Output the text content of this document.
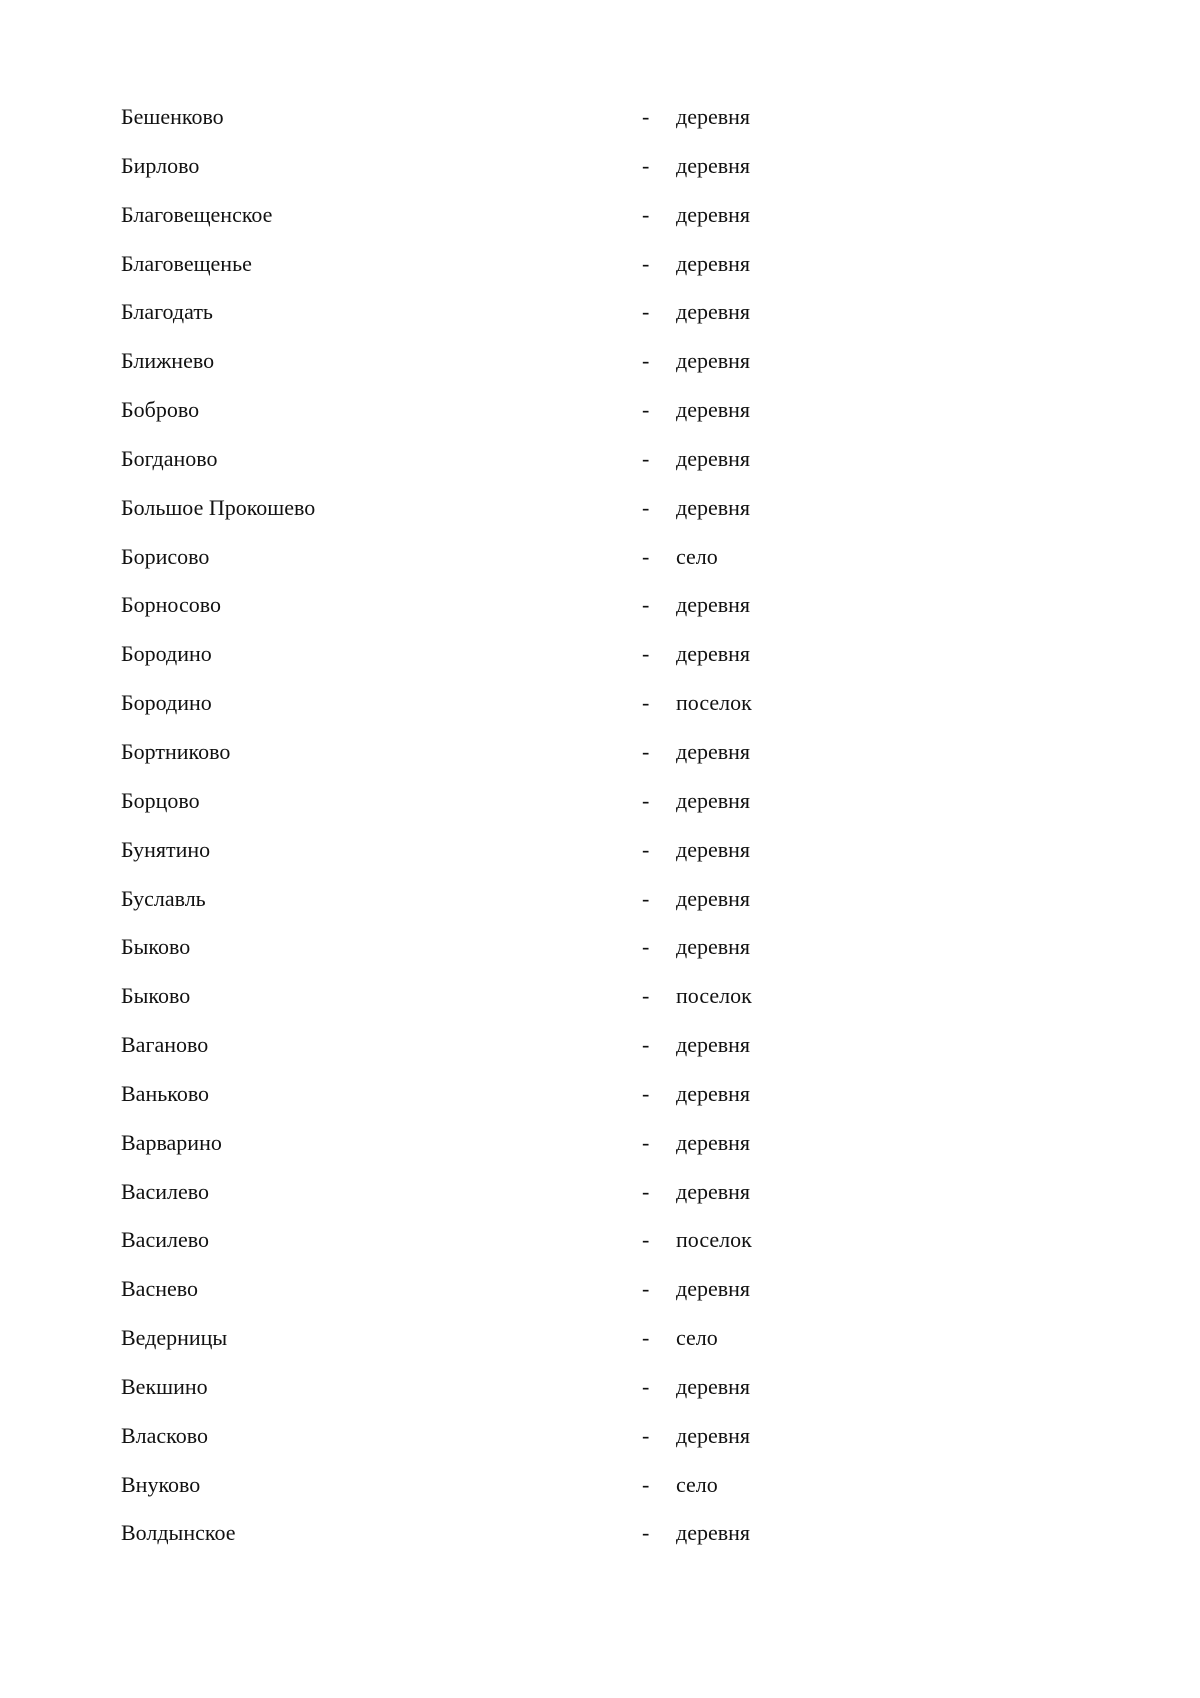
Бешенково	- деревня
Бирлово	- деревня
Благовещенское	- деревня
Благовещенье	- деревня
Благодать	- деревня
Ближнево	- деревня
Боброво	- деревня
Богданово	- деревня
Большое Прокошево	- деревня
Борисово	- село
Борносово	- деревня
Бородино	- деревня
Бородино	- поселок
Бортниково	- деревня
Борцово	- деревня
Бунятино	- деревня
Буславль	- деревня
Быково	- деревня
Быково	- поселок
Ваганово	- деревня
Ваньково	- деревня
Варварино	- деревня
Василево	- деревня
Василево	- поселок
Васнево	- деревня
Ведерницы	- село
Векшино	- деревня
Власково	- деревня
Внуково	- село
Волдынское	- деревня
